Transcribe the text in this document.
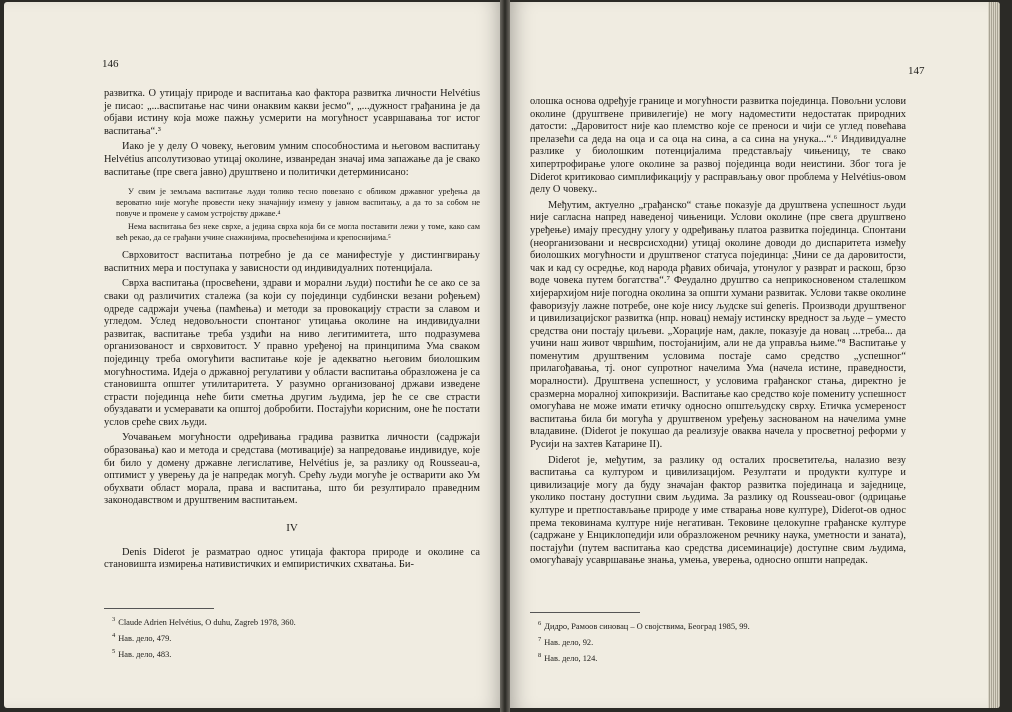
146

развитка. О утицају природе и васпитања као фактора развитка личности Helvétius је писао: „...васпитање нас чини онаквим какви јесмо“, „...дужност грађанина је да објави истину која може пажњу усмерити на могућност усавршавања тог истог васпитања“.³

Иако је у делу О човеку, његовим умним способностима и његовом васпитању Helvétius апсолутизовао утицај околине, изванредан значај има запажање да је свако васпитање (пре свега јавно) друштвено и политички детерминисано:

У свим је земљама васпитање људи толико тесно повезано с обликом државног уређења да вероватно није могуће провести неку значајнију измену у јавном васпитању, а да то за собом не повуче и промене у самом устројству државе.⁴

Нема васпитања без неке сврхе, а једина сврха која би се могла поставити лежи у томе, како сам већ рекао, да се грађани учине снажнијима, просвећенијима и крепоснијима.⁵

Сврховитост васпитања потребно је да се манифестује у дистингвирању васпитних мера и поступака у зависности од индивидуалних потенцијала.

Сврха васпитања (просвећени, здрави и морални људи) постићи ће се ако се за сваки од различитих сталежа (за који су појединци судбински везани рођењем) одреде садржаји учења (памћења) и методи за провокацију страсти за славом и угледом. Услед недовољности спонтаног утицања околине на индивидуални развитак, васпитање треба уздићи на ниво легитимитета, што подразумева организованост и сврховитост. У правно уређеној на принципима Ума сваком појединцу треба омогућити васпитање које је адекватно његовим биолошким могућностима. Идеја о државној регулативи у области васпитања образложена је са становишта општег утилитаритета. У разумно организованој држави изведене страсти појединца неће бити сметња другим људима, јер ће се све страсти обуздавати и усмеравати ка општој добробити. Постајући корисним, оне ће постати услов среће свих људи.

Уочавањем могућности одређивања градива развитка личности (садржаји образовања) као и метода и средстава (мотивације) за напредовање индивидуе, које би било у домену државне легислативе, Helvétius је, за разлику од Rousseau-a, оптимист у уверењу да је напредак могућ. Срећу људи могуће је остварити ако Ум обухвати област морала, права и васпитања, што би резултирало праведним законодавством и друштвеним васпитањем.

IV

Denis Diderot је разматрао однос утицаја фактора природе и околине са становишта измирења нативистичких и емпиристичких схватања. Би-

$^3$ Claude Adrien Helvétius, O duhu, Zagreb 1978, 360.
$^4$ Нав. дело, 479.
$^5$ Нав. дело, 483.
147

олошка основа одређује границе и могућности развитка појединца. Повољни услови околине (друштвене привилегије) не могу надоместити недостатак природних датости: „Даровитост није као племство које се преноси и чији се углед повећава прелазећи са деда на оца и са оца на сина, а са сина на унука...“.⁶ Индивидуалне разлике у биолошким потенцијалима представљају чињеницу, те свако хипертрофирање улоге околине за развој појединца води неистини. Због тога је Diderot критиковао симплификацију у расправљању овог проблема у Helvétius-овом делу О човеку..

Међутим, актуелно „грађанско“ стање показује да друштвена успешност људи није сагласна напред наведеној чињеници. Услови околине (пре свега друштвено уређење) имају пресудну улогу у одређивању платоа развитка појединца. Спонтани (неорганизовани и несврсисходни) утицај околине доводи до диспаритета између биолошких могућности и друштвеног статуса појединца: „Чини се да даровитости, чак и кад су осредње, код народа рђавих обичаја, утонулог у разврат и раскош, брзо воде човека путем богатства“.⁷ Феудално друштво са неприкосновеном сталешком хијерархијом није погодна околина за општи хумани развитак. Услови такве околине фаворизују лажне потребе, оне које нису људске sui generis. Производи друштвеног и цивилизацијског развитка (нпр. новац) немају истинску вредност за људе – уместо средства они постају циљеви. „Хорације нам, дакле, показује да новац ...треба... да учини наш живот чвршћим, постојанијим, али не да управља њиме.“⁸ Васпитање у поменутим друштвеним условима постаје само средство „успешног“ прилагођавања, тј. оног супротног начелима Ума (начела истине, праведности, моралности). Друштвена успешност, у условима грађанског стања, директно је сразмерна моралној хипокризији. Васпитање као средство које помениту успешност омогућава не може имати етичку односно општељудску сврху. Етичка усмереност васпитања била би могућа у друштвеном уређењу заснованом на начелима умне владавине. (Diderot је покушао да реализује оваква начела у просветној реформи у Русији на захтев Катарине II).

Diderot је, међутим, за разлику од осталих просветитеља, налазио везу васпитања са културом и цивилизацијом. Резултати и продукти културе и цивилизације могу да буду значајан фактор развитка појединаца и заједнице, уколико постану доступни свим људима. За разлику од Rousseau-овог (одрицање културе и претпостављање природе у име стварања нове културе), Diderot-ов однос према тековинама културе није негативан. Тековине целокупне грађанске културе (садржане у Енциклопедији или образложеном речнику наука, уметности и заната), постајући (путем васпитања као средства дисеминације) доступне свим људима, омогућавају усавршавање знања, умења, уверења, односно општи напредак.

$^6$ Дидро, Рамоов синовац – О својствима, Београд 1985, 99.
$^7$ Нав. дело, 92.
$^8$ Нав. дело, 124.
